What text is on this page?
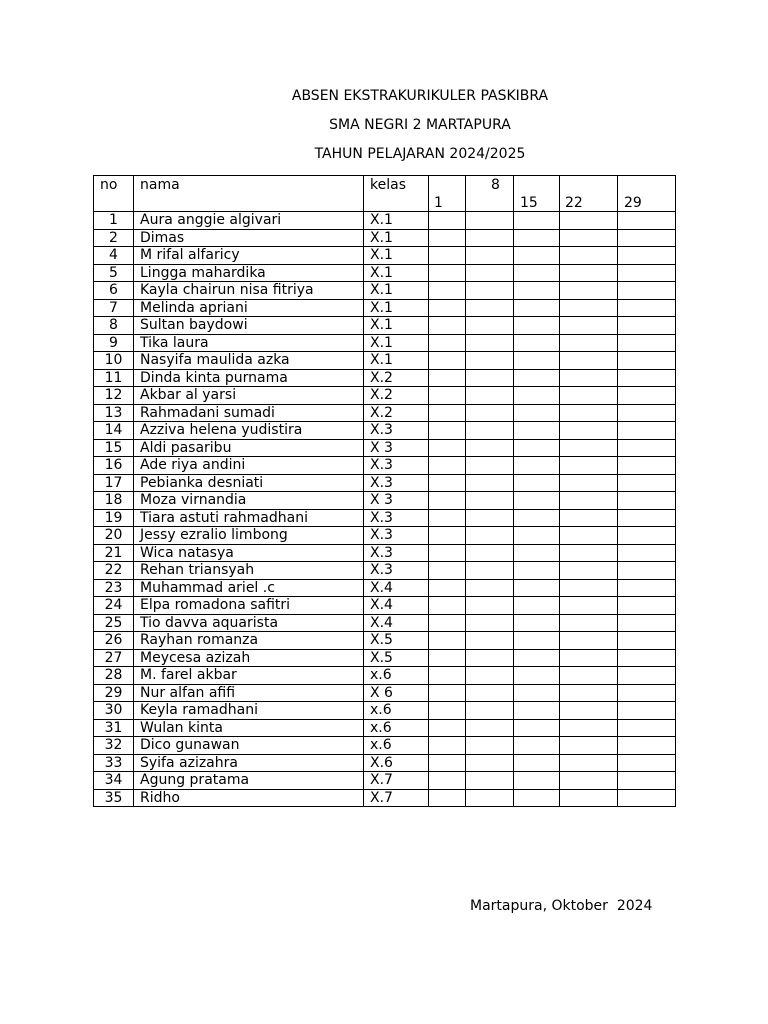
ABSEN EKSTRAKURIKULER PASKIBRA
SMA NEGRI 2 MARTAPURA
TAHUN PELAJARAN 2024/2025
no	nama	kelas	1	8	15	22	29

1	Aura anggie algivari	X.1					
2	Dimas	X.1					
4	M rifal alfaricy	X.1					
5	Lingga mahardika	X.1					
6	Kayla chairun nisa fitriya	X.1					
7	Melinda apriani	X.1					
8	Sultan baydowi	X.1					
9	Tika laura	X.1					
10	Nasyifa maulida azka	X.1					
11	Dinda kinta purnama	X.2					
12	Akbar al yarsi	X.2					
13	Rahmadani sumadi	X.2					
14	Azziva helena yudistira	X.3					
15	Aldi pasaribu	X 3					
16	Ade riya andini	X.3					
17	Pebianka desniati	X.3					
18	Moza virnandia	X 3					
19	Tiara astuti rahmadhani	X.3					
20	Jessy ezralio limbong	X.3					
21	Wica natasya	X.3					
22	Rehan triansyah	X.3					
23	Muhammad ariel .c	X.4					
24	Elpa romadona safitri	X.4					
25	Tio davva aquarista	X.4					
26	Rayhan romanza	X.5					
27	Meycesa azizah	X.5					
28	M. farel akbar	x.6					
29	Nur alfan afifi	X 6					
30	Keyla ramadhani	x.6					
31	Wulan kinta	x.6					
32	Dico gunawan	x.6					
33	Syifa azizahra	X.6					
34	Agung pratama	X.7					
35	Ridho	X.7					
Martapura, Oktober  2024
